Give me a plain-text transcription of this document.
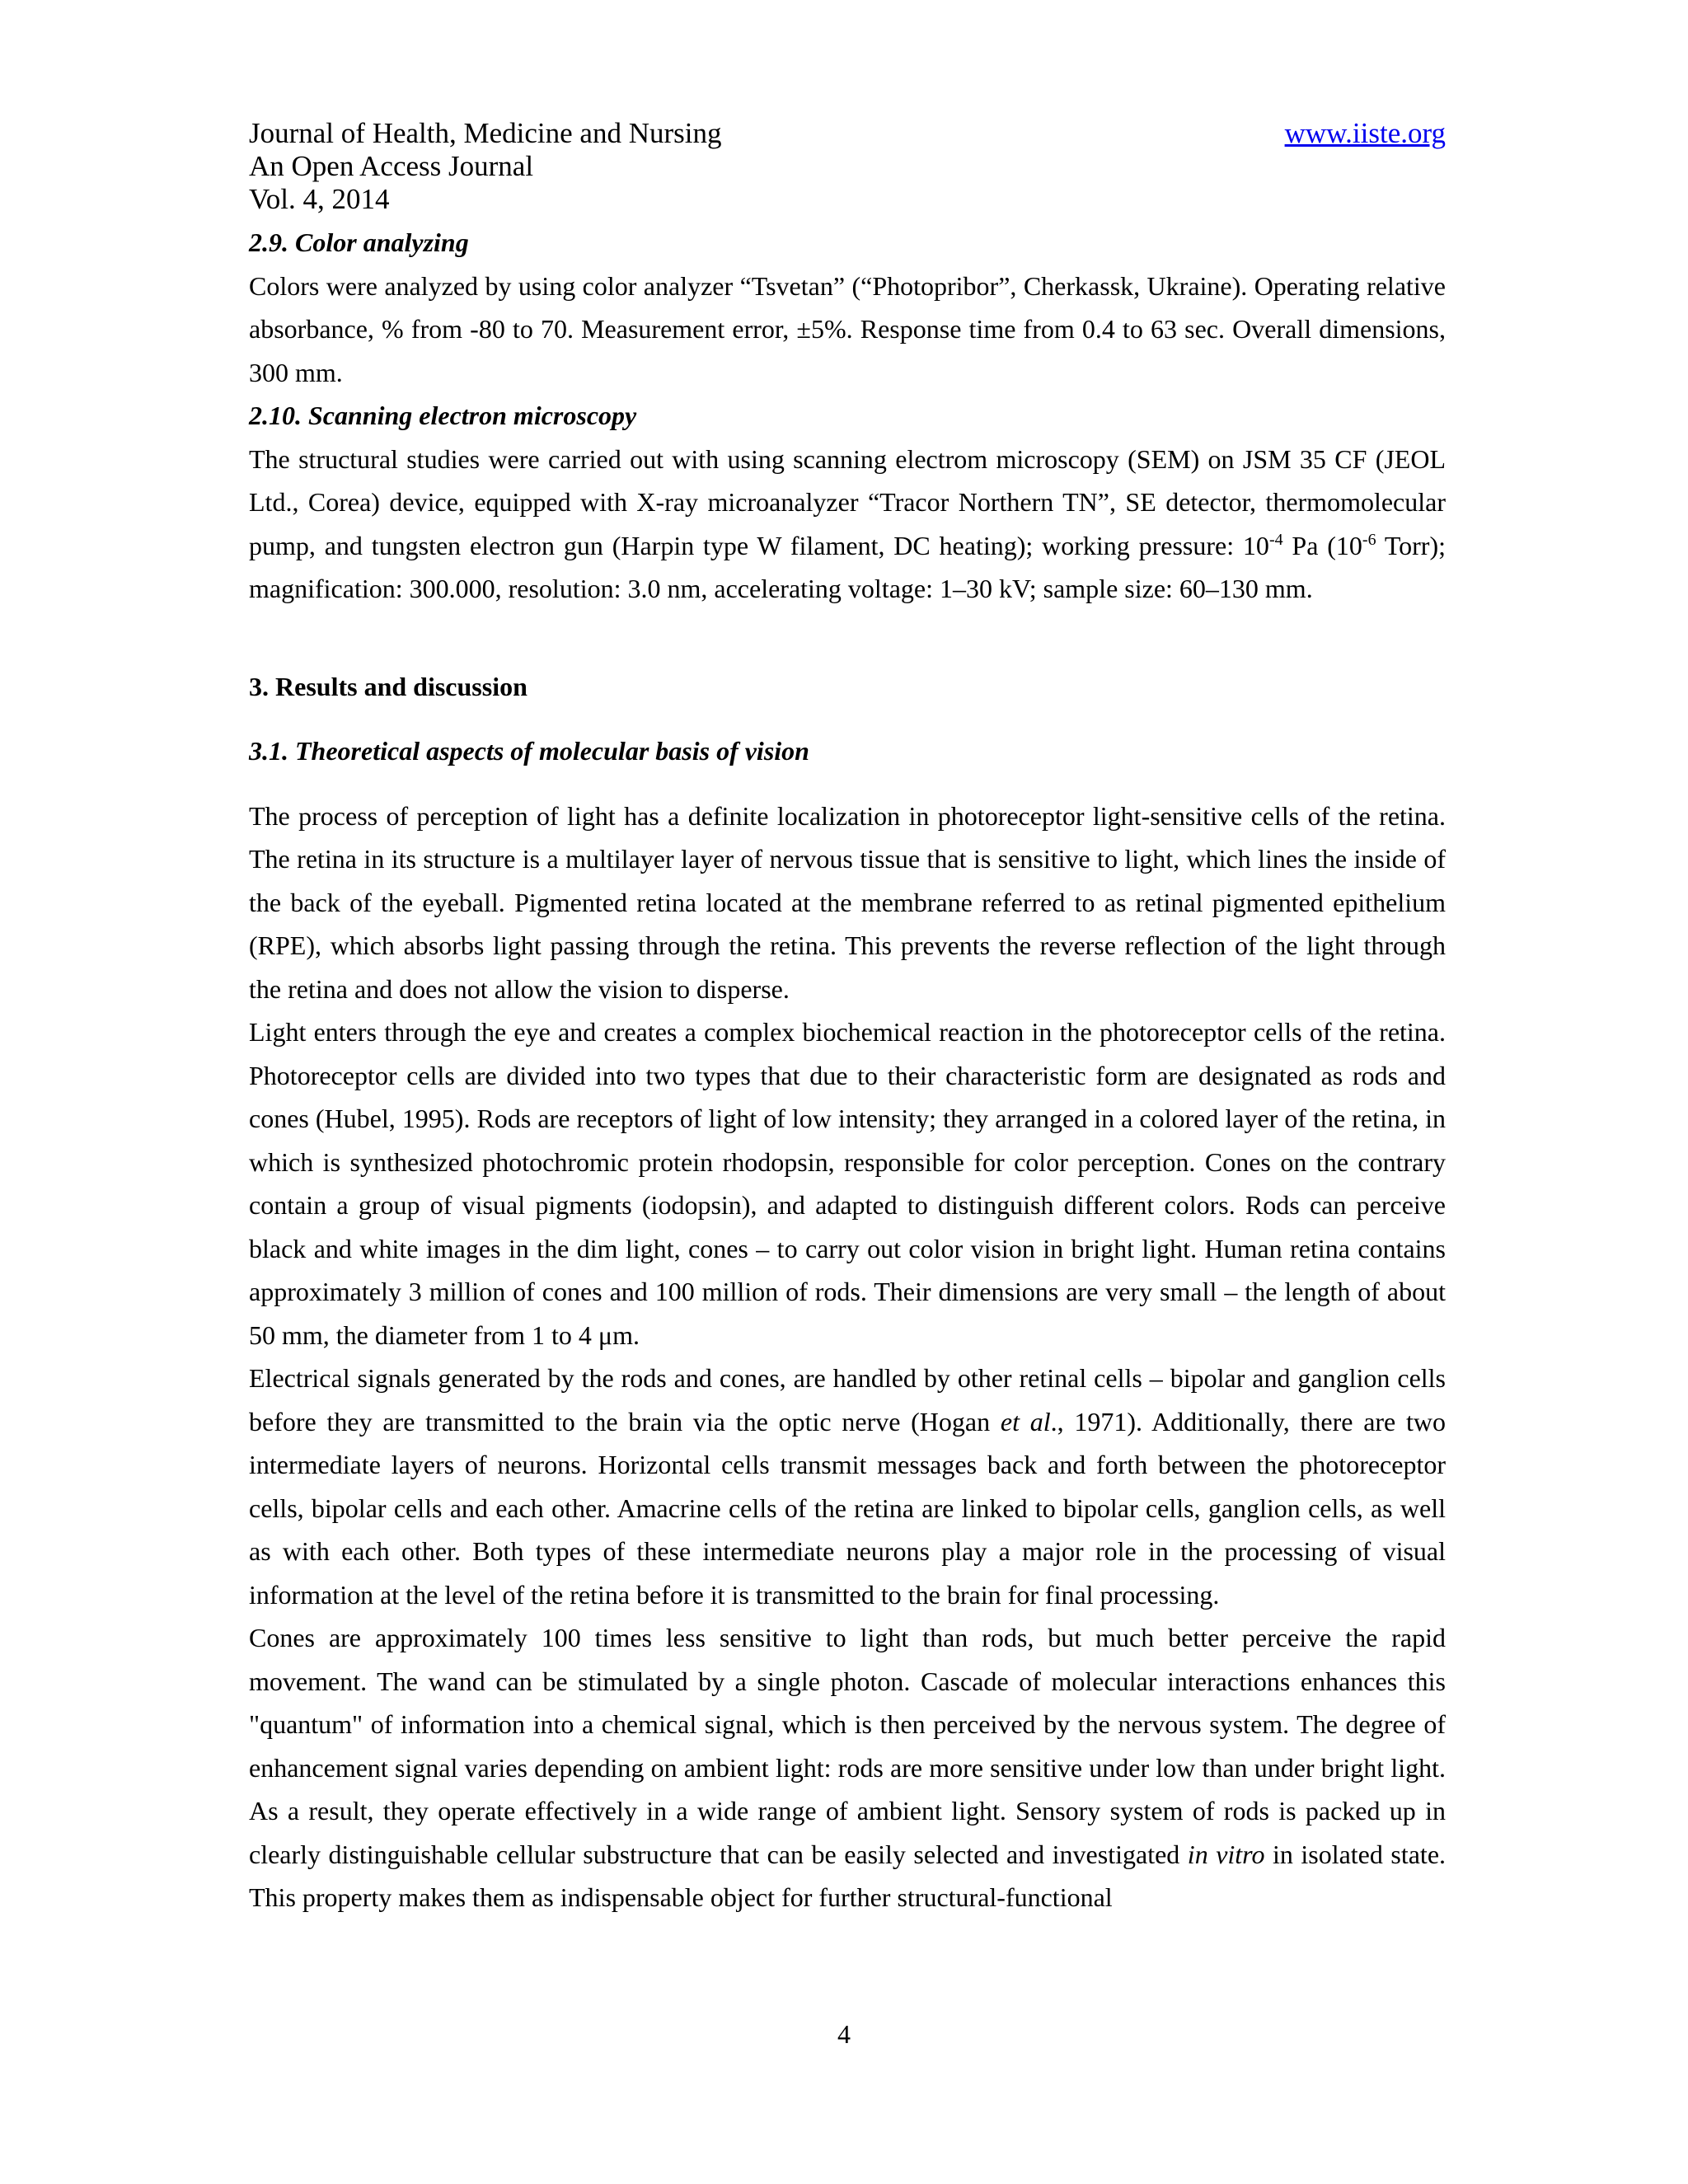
Journal of Health, Medicine and Nursing
An Open Access Journal
Vol. 4, 2014
www.iiste.org

2.9. Color analyzing

Colors were analyzed by using color analyzer “Tsvetan” (“Photopribor”, Cherkassk, Ukraine). Operating relative absorbance, % from -80 to 70. Measurement error, ±5%. Response time from 0.4 to 63 sec. Overall dimensions, 300 mm.

2.10. Scanning electron microscopy

The structural studies were carried out with using scanning electrom microscopy (SEM) on JSM 35 CF (JEOL Ltd., Corea) device, equipped with X-ray microanalyzer “Tracor Northern TN”, SE detector, thermomolecular pump, and tungsten electron gun (Harpin type W filament, DC heating); working pressure: $10^{-4}$ Pa ($10^{-6}$ Torr); magnification: 300.000, resolution: 3.0 nm, accelerating voltage: 1–30 kV; sample size: 60–130 mm.

3. Results and discussion

3.1. Theoretical aspects of molecular basis of vision

The process of perception of light has a definite localization in photoreceptor light-sensitive cells of the retina. The retina in its structure is a multilayer layer of nervous tissue that is sensitive to light, which lines the inside of the back of the eyeball. Pigmented retina located at the membrane referred to as retinal pigmented epithelium (RPE), which absorbs light passing through the retina. This prevents the reverse reflection of the light through the retina and does not allow the vision to disperse.

Light enters through the eye and creates a complex biochemical reaction in the photoreceptor cells of the retina. Photoreceptor cells are divided into two types that due to their characteristic form are designated as rods and cones (Hubel, 1995). Rods are receptors of light of low intensity; they arranged in a colored layer of the retina, in which is synthesized photochromic protein rhodopsin, responsible for color perception. Cones on the contrary contain a group of visual pigments (iodopsin), and adapted to distinguish different colors. Rods can perceive black and white images in the dim light, cones – to carry out color vision in bright light. Human retina contains approximately 3 million of cones and 100 million of rods. Their dimensions are very small – the length of about 50 mm, the diameter from 1 to 4 μm.

Electrical signals generated by the rods and cones, are handled by other retinal cells – bipolar and ganglion cells before they are transmitted to the brain via the optic nerve (Hogan et al., 1971). Additionally, there are two intermediate layers of neurons. Horizontal cells transmit messages back and forth between the photoreceptor cells, bipolar cells and each other. Amacrine cells of the retina are linked to bipolar cells, ganglion cells, as well as with each other. Both types of these intermediate neurons play a major role in the processing of visual information at the level of the retina before it is transmitted to the brain for final processing.

Cones are approximately 100 times less sensitive to light than rods, but much better perceive the rapid movement. The wand can be stimulated by a single photon. Cascade of molecular interactions enhances this "quantum" of information into a chemical signal, which is then perceived by the nervous system. The degree of enhancement signal varies depending on ambient light: rods are more sensitive under low than under bright light. As a result, they operate effectively in a wide range of ambient light. Sensory system of rods is packed up in clearly distinguishable cellular substructure that can be easily selected and investigated in vitro in isolated state. This property makes them as indispensable object for further structural-functional

4
